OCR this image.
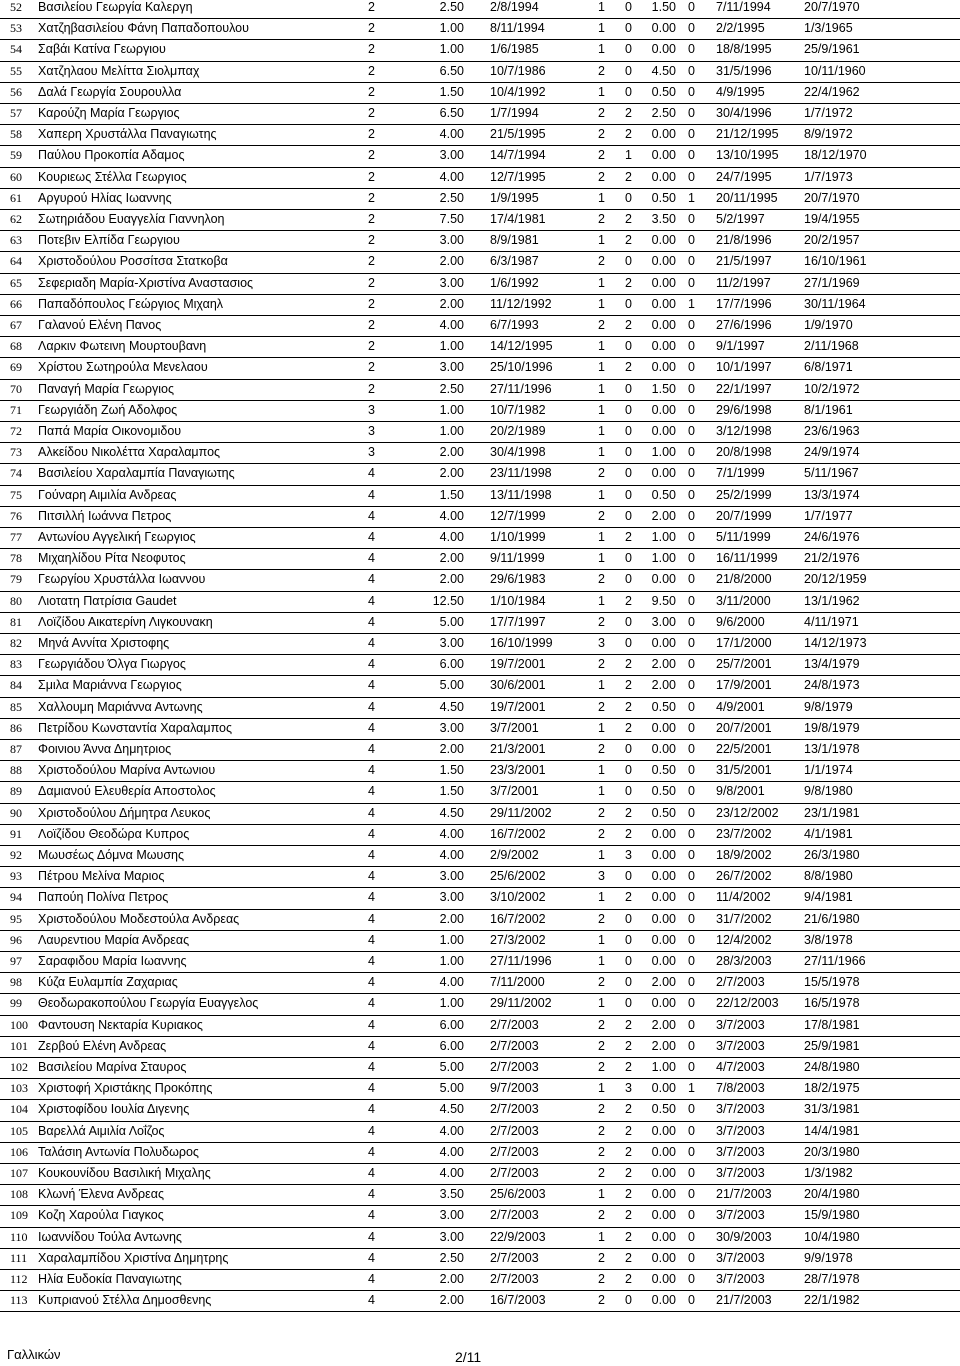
52 Βασιλείου Γεωργία Καλεργη	2	2.50 2/8/1994	1 0	1.50 0 7/11/1994	20/7/1970
53 Χατζηβασιλείου Φάνη Παπαδοπουλου	2	1.00 8/11/1994	1 0	0.00 0 2/2/1995	1/3/1965
54 Σαβάι Κατίνα Γεωργιου	2	1.00 1/6/1985	1 0	0.00 0 18/8/1995	25/9/1961
55 Χατζηλαου Μελίττα Σιολμπαχ	2	6.50 10/7/1986	2 0	4.50 0 31/5/1996	10/11/1960
56 Δαλά Γεωργία Σουρουλλα	2	1.50 10/4/1992	1 0	0.50 0 4/9/1995	22/4/1962
57 Καρούζη Μαρία Γεωργιος	2	6.50 1/7/1994	2 2	2.50 0 30/4/1996	1/7/1972
58 Χαπερη Χρυστάλλα Παναγιωτης	2	4.00 21/5/1995	2 2	0.00 0 21/12/1995 8/9/1972
59 Παύλου Προκοπία Αδαμος	2	3.00 14/7/1994	2 1	0.00 0 13/10/1995 18/12/1970
60 Κουριεως Στέλλα Γεωργιος	2	4.00 12/7/1995	2 2	0.00 0 24/7/1995	1/7/1973
61 Αργυρού Ηλίας Ιωαννης	2	2.50 1/9/1995	1 0	0.50 1 20/11/1995 20/7/1970
62 Σωτηριάδου Ευαγγελία Γιαννηλοη	2	7.50 17/4/1981	2 2	3.50 0 5/2/1997	19/4/1955
63 Ποτεβιν Ελπίδα Γεωργιου	2	3.00 8/9/1981	1 2	0.00 0 21/8/1996	20/2/1957
64 Χριστοδούλου Ροσσίτσα Στατκοβα	2	2.00 6/3/1987	2 0	0.00 0 21/5/1997	16/10/1961
65 Σεφεριαδη Μαρία-Χριστίνα Αναστασιος	2	3.00 1/6/1992	1 2	0.00 0 11/2/1997	27/1/1969
66 Παπαδόπουλος Γεώργιος Μιχαηλ	2	2.00 11/12/1992	1 0	0.00 1 17/7/1996	30/11/1964
67 Γαλανού Ελένη Πανος	2	4.00 6/7/1993	2 2	0.00 0 27/6/1996	1/9/1970
68 Λαρκιν Φωτεινη Μουρτουβανη	2	1.00 14/12/1995	1 0	0.00 0 9/1/1997	2/11/1968
69 Χρίστου Σωτηρούλα Μενελαου	2	3.00 25/10/1996	1 2	0.00 0 10/1/1997	6/8/1971
70 Παναγή Μαρία Γεωργιος	2	2.50 27/11/1996	1 0	1.50 0 22/1/1997	10/2/1972
71 Γεωργιάδη Ζωή Αδολφος	3	1.00 10/7/1982	1 0	0.00 0 29/6/1998	8/1/1961
72 Παπά Μαρία Οικονομιδου	3	1.00 20/2/1989	1 0	0.00 0 3/12/1998	23/6/1963
73 Αλκείδου Νικολέττα Χαραλαμπος	3	2.00 30/4/1998	1 0	1.00 0 20/8/1998	24/9/1974
74 Βασιλείου Χαραλαμπία Παναγιωτης	4	2.00 23/11/1998	2 0	0.00 0 7/1/1999	5/11/1967
75 Γούναρη Αιμιλία Ανδρεας	4	1.50 13/11/1998	1 0	0.50 0 25/2/1999	13/3/1974
76 Πιτσιλλή Ιωάννα Πετρος	4	4.00 12/7/1999	2 0	2.00 0 20/7/1999	1/7/1977
77 Αντωνίου Αγγελική Γεωργιος	4	4.00 1/10/1999	1 2	1.00 0 5/11/1999	24/6/1976
78 Μιχαηλίδου Ρίτα Νεοφυτος	4	2.00 9/11/1999	1 0	1.00 0 16/11/1999 21/2/1976
79 Γεωργίου Χρυστάλλα Ιωαννου	4	2.00 29/6/1983	2 0	0.00 0 21/8/2000	20/12/1959
80 Λιοτατη Πατρίσια Gaudet	4	12.50 1/10/1984	1 2	9.50 0 3/11/2000	13/1/1962
81 Λοϊζίδου Αικατερίνη Λιγκουνακη	4	5.00 17/7/1997	2 0	3.00 0 9/6/2000	4/11/1971
82 Μηνά Αννίτα Χριστοφης	4	3.00 16/10/1999	3 0	0.00 0 17/1/2000	14/12/1973
83 Γεωργιάδου Όλγα Γιωργος	4	6.00 19/7/2001	2 2	2.00 0 25/7/2001	13/4/1979
84 Σμιλα Μαριάννα Γεωργιος	4	5.00 30/6/2001	1 2	2.00 0 17/9/2001	24/8/1973
85 Χαλλουμη Μαριάννα Αντωνης	4	4.50 19/7/2001	2 2	0.50 0 4/9/2001	9/8/1979
86 Πετρίδου Κωνσταντία Χαραλαμπος	4	3.00 3/7/2001	1 2	0.00 0 20/7/2001	19/8/1979
87 Φοινιου Άννα Δημητριος	4	2.00 21/3/2001	2 0	0.00 0 22/5/2001	13/1/1978
88 Χριστοδούλου Μαρίνα Αντωνιου	4	1.50 23/3/2001	1 0	0.50 0 31/5/2001	1/1/1974
89 Δαμιανού Ελευθερία Αποστολος	4	1.50 3/7/2001	1 0	0.50 0 9/8/2001	9/8/1980
90 Χριστοδούλου Δήμητρα Λευκος	4	4.50 29/11/2002	2 2	0.50 0 23/12/2002 23/1/1981
91 Λοϊζίδου Θεοδώρα Κυπρος	4	4.00 16/7/2002	2 2	0.00 0 23/7/2002	4/1/1981
92 Μωυσέως Δόμνα Μωυσης	4	4.00 2/9/2002	1 3	0.00 0 18/9/2002	26/3/1980
93 Πέτρου Μελίνα Μαριος	4	3.00 25/6/2002	3 0	0.00 0 26/7/2002	8/8/1980
94 Παπούη Πολίνα Πετρος	4	3.00 3/10/2002	1 2	0.00 0 11/4/2002	9/4/1981
95 Χριστοδούλου Μοδεστούλα Ανδρεας	4	2.00 16/7/2002	2 0	0.00 0 31/7/2002	21/6/1980
96 Λαυρεντιου Μαρία Ανδρεας	4	1.00 27/3/2002	1 0	0.00 0 12/4/2002	3/8/1978
97 Σαραφιδου Μαρία Ιωαννης	4	1.00 27/11/1996	1 0	0.00 0 28/3/2003	27/11/1966
98 Κύζα Ευλαμπία Ζαχαριας	4	4.00 7/11/2000	2 0	2.00 0 2/7/2003	15/5/1978
99 Θεοδωρακοπούλου Γεωργία Ευαγγελος	4	1.00 29/11/2002	1 0	0.00 0 22/12/2003 16/5/1978
100 Φαντουση Νεκταρία Κυριακος	4	6.00 2/7/2003	2 2	2.00 0 3/7/2003	17/8/1981
101 Ζερβού Ελένη Ανδρεας	4	6.00 2/7/2003	2 2	2.00 0 3/7/2003	25/9/1981
102 Βασιλείου Μαρίνα Σταυρος	4	5.00 2/7/2003	2 2	1.00 0 4/7/2003	24/8/1980
103 Χριστοφή Χριστάκης Προκόπης	4	5.00 9/7/2003	1 3	0.00 1 7/8/2003	18/2/1975
104 Χριστοφίδου Ιουλία Διγενης	4	4.50 2/7/2003	2 2	0.50 0 3/7/2003	31/3/1981
105 Βαρελλά Αιμιλία Λοΐζος	4	4.00 2/7/2003	2 2	0.00 0 3/7/2003	14/4/1981
106 Ταλάσιη Αντωνία Πολυδωρος	4	4.00 2/7/2003	2 2	0.00 0 3/7/2003	20/3/1980
107 Κουκουνίδου Βασιλική Μιχαλης	4	4.00 2/7/2003	2 2	0.00 0 3/7/2003	1/3/1982
108 Κλωνή Έλενα Ανδρεας	4	3.50 25/6/2003	1 2	0.00 0 21/7/2003	20/4/1980
109 Κοζη Χαρούλα Γιαγκος	4	3.00 2/7/2003	2 2	0.00 0 3/7/2003	15/9/1980
110 Ιωαννίδου Τούλα Αντωνης	4	3.00 22/9/2003	1 2	0.00 0 30/9/2003	10/4/1980
111 Χαραλαμπίδου Χριστίνα Δημητρης	4	2.50 2/7/2003	2 2	0.00 0 3/7/2003	9/9/1978
112 Ηλία Ευδοκία Παναγιωτης	4	2.00 2/7/2003	2 2	0.00 0 3/7/2003	28/7/1978
113 Κυπριανού Στέλλα Δημοσθενης	4	2.00 16/7/2003	2 0	0.00 0 21/7/2003	22/1/1982
Γαλλικών	2/11
